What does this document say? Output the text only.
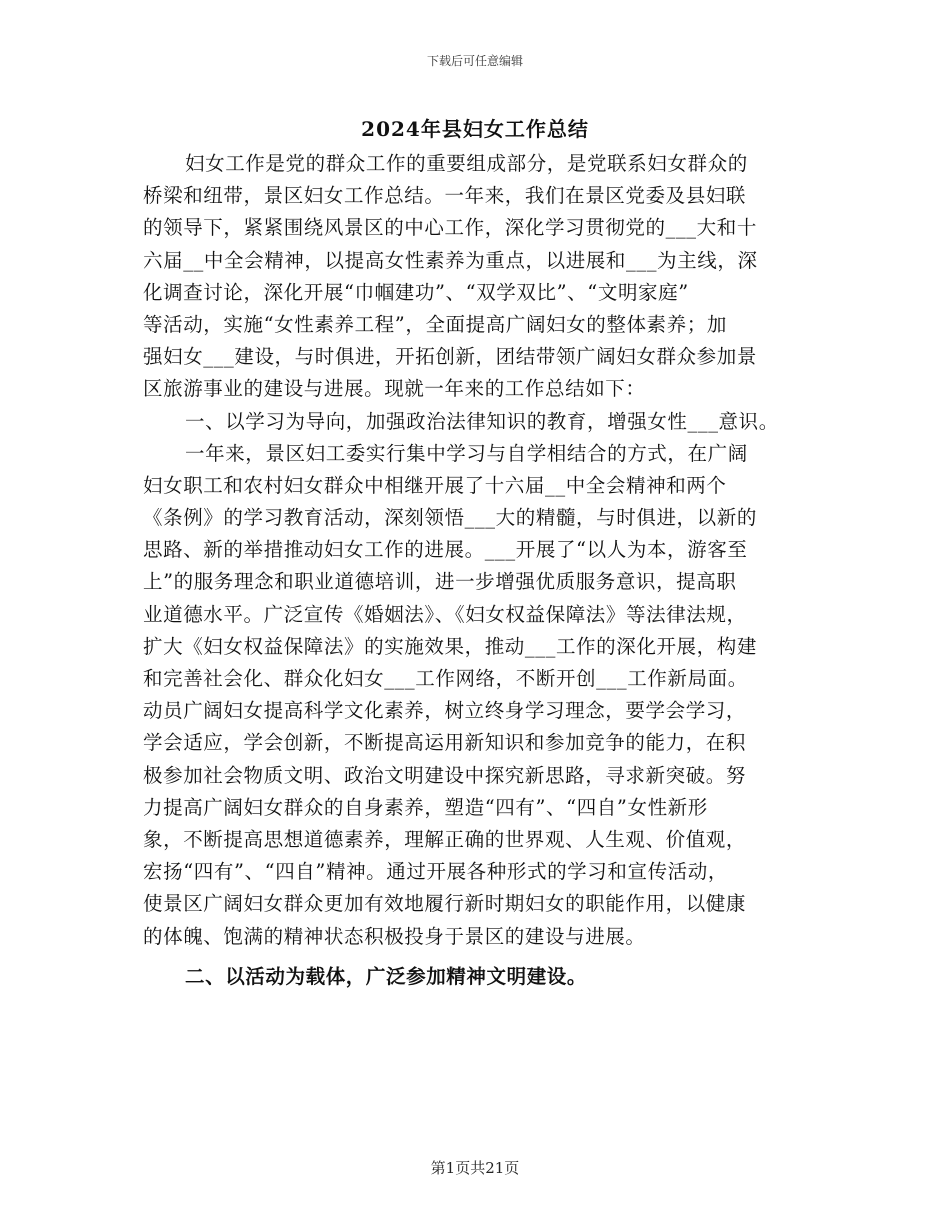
下载后可任意编辑
2024年县妇女工作总结
妇女工作是党的群众工作的重要组成部分，是党联系妇女群众的
桥梁和纽带，景区妇女工作总结。一年来，我们在景区党委及县妇联
的领导下，紧紧围绕风景区的中心工作，深化学习贯彻党的___大和十
六届__中全会精神，以提高女性素养为重点，以进展和___为主线，深
化调查讨论，深化开展“巾帼建功”、“双学双比”、“文明家庭”
等活动，实施“女性素养工程”，全面提高广阔妇女的整体素养；加
强妇女___建设，与时俱进，开拓创新，团结带领广阔妇女群众参加景
区旅游事业的建设与进展。现就一年来的工作总结如下：
一、以学习为导向，加强政治法律知识的教育，增强女性___意识。
一年来，景区妇工委实行集中学习与自学相结合的方式，在广阔
妇女职工和农村妇女群众中相继开展了十六届__中全会精神和两个
《条例》的学习教育活动，深刻领悟___大的精髓，与时俱进，以新的
思路、新的举措推动妇女工作的进展。___开展了“以人为本，游客至
上”的服务理念和职业道德培训，进一步增强优质服务意识，提高职
业道德水平。广泛宣传《婚姻法》、《妇女权益保障法》等法律法规，
扩大《妇女权益保障法》的实施效果，推动___工作的深化开展，构建
和完善社会化、群众化妇女___工作网络，不断开创___工作新局面。
动员广阔妇女提高科学文化素养，树立终身学习理念，要学会学习，
学会适应，学会创新，不断提高运用新知识和参加竞争的能力，在积
极参加社会物质文明、政治文明建设中探究新思路，寻求新突破。努
力提高广阔妇女群众的自身素养，塑造“四有”、“四自”女性新形
象，不断提高思想道德素养，理解正确的世界观、人生观、价值观，
宏扬“四有”、“四自”精神。通过开展各种形式的学习和宣传活动，
使景区广阔妇女群众更加有效地履行新时期妇女的职能作用，以健康
的体魄、饱满的精神状态积极投身于景区的建设与进展。
二、以活动为载体，广泛参加精神文明建设。
第1页共21页
